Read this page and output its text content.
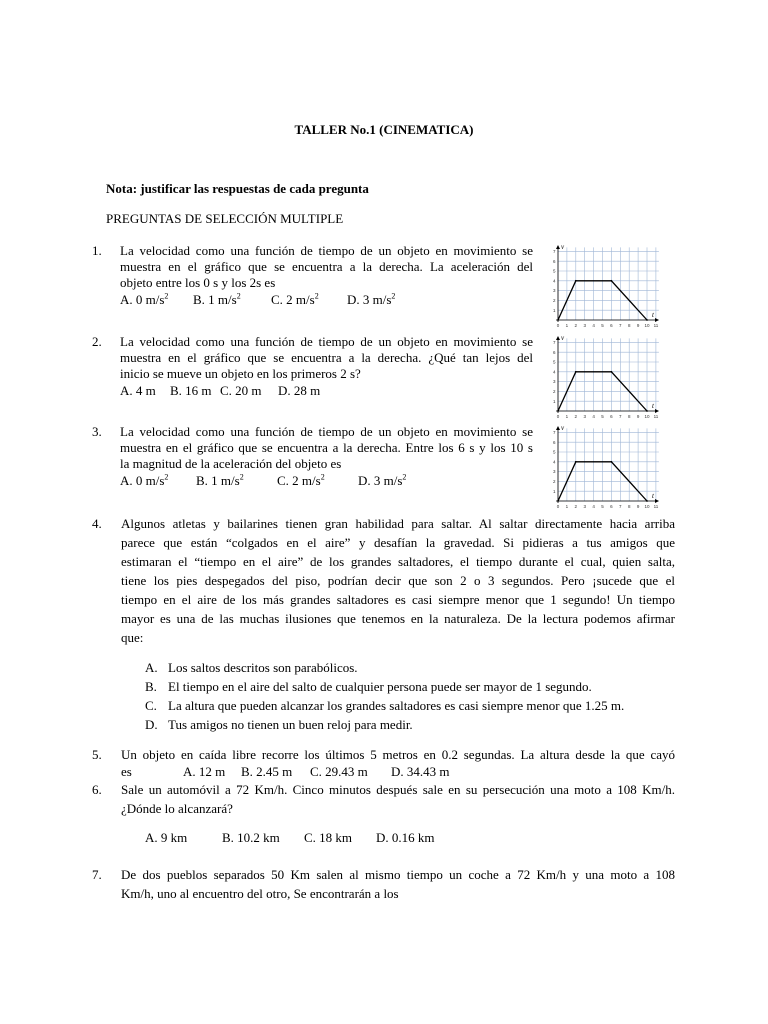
TALLER No.1 (CINEMATICA)
Nota: justificar las respuestas de cada pregunta
PREGUNTAS DE SELECCIÓN MULTIPLE
1. La velocidad como una función de tiempo de un objeto en movimiento se
muestra en el gráfico que se encuentra a la derecha. La aceleración del
objeto entre los 0 s y los 2s es
A. 0 $m/s^2$ B. 1 $m/s^2$ C. 2 $m/s^2$ D. 3 $m/s^2$
2. La velocidad como una función de tiempo de un objeto en movimiento se
muestra en el gráfico que se encuentra a la derecha. ¿Qué tan lejos del
inicio se mueve un objeto en los primeros 2 s?
A. 4 m B. 16 m C. 20 m D. 28 m
3. La velocidad como una función de tiempo de un objeto en movimiento se
muestra en el gráfico que se encuentra a la derecha. Entre los 6 s y los 10 s
la magnitud de la aceleración del objeto es
A. 0 $m/s^2$ B. 1 $m/s^2$	C. 2 $m/s^2$	D. 3 $m/s^2$
v
t
0 1 2 3 4 5 6 7 8 9 10 11
1
2
3
4
5
6
7
v
t
0 1 2 3 4 5 6 7 8 9 10 11
1
2
3
4
5
6
7
v
t
0 1 2 3 4 5 6 7 8 9 10 11
1
2
3
4
5
6
7
4. Algunos atletas y bailarines tienen gran habilidad para saltar. Al saltar directamente hacia arriba
parece que están “colgados en el aire” y desafían la gravedad. Si pidieras a tus amigos que
estimaran el “tiempo en el aire” de los grandes saltadores, el tiempo durante el cual, quien salta,
tiene los pies despegados del piso, podrían decir que son 2 o 3 segundos. Pero ¡sucede que el
tiempo en el aire de los más grandes saltadores es casi siempre menor que 1 segundo! Un tiempo
mayor es una de las muchas ilusiones que tenemos en la naturaleza. De la lectura podemos afirmar
que:
A. Los saltos descritos son parabólicos.
B. El tiempo en el aire del salto de cualquier persona puede ser mayor de 1 segundo.
C. La altura que pueden alcanzar los grandes saltadores es casi siempre menor que 1.25 m.
D. Tus amigos no tienen un buen reloj para medir.
5. Un objeto en caída libre recorre los últimos 5 metros en 0.2 segundas. La altura desde la que cayó
es	A. 12 m B. 2.45 m C. 29.43 m D. 34.43 m
6. Sale un automóvil a 72 Km/h. Cinco minutos después sale en su persecución una moto a 108 Km/h.
¿Dónde lo alcanzará?
A. 9 km	B. 10.2 km C. 18 km D. 0.16 km
7. De dos pueblos separados 50 Km salen al mismo tiempo un coche a 72 Km/h y una moto a 108
Km/h, uno al encuentro del otro, Se encontrarán a los
